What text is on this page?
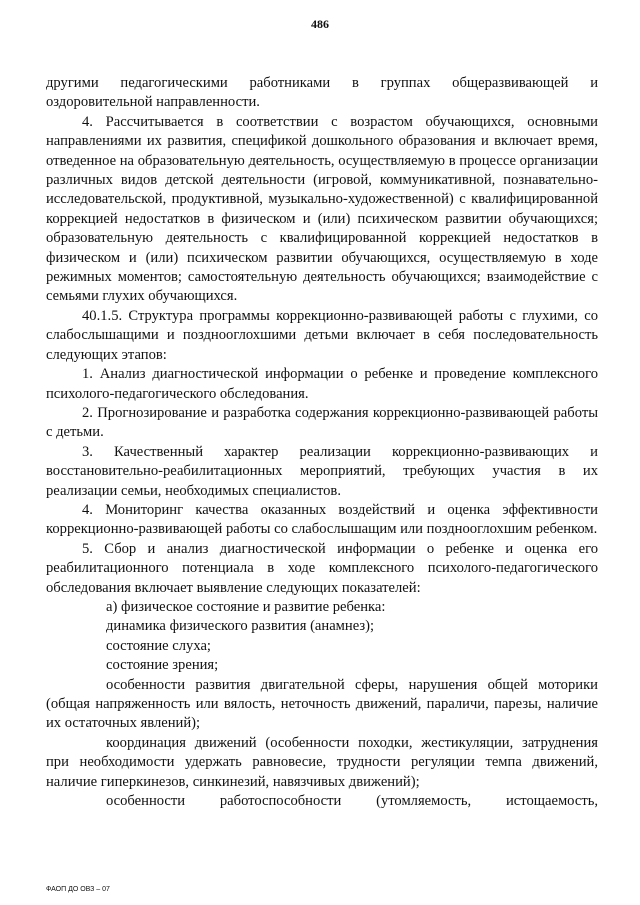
486

другими педагогическими работниками в группах общеразвивающей и оздоровительной направленности.

4. Рассчитывается в соответствии с возрастом обучающихся, основными направлениями их развития, спецификой дошкольного образования и включает время, отведенное на образовательную деятельность, осуществляемую в процессе организации различных видов детской деятельности (игровой, коммуникативной, познавательно-исследовательской, продуктивной, музыкально-художественной) с квалифицированной коррекцией недостатков в физическом и (или) психическом развитии обучающихся; образовательную деятельность с квалифицированной коррекцией недостатков в физическом и (или) психическом развитии обучающихся, осуществляемую в ходе режимных моментов; самостоятельную деятельность обучающихся; взаимодействие с семьями глухих обучающихся.

40.1.5. Структура программы коррекционно-развивающей работы с глухими, со слабослышащими и позднооглохшими детьми включает в себя последовательность следующих этапов:

1. Анализ диагностической информации о ребенке и проведение комплексного психолого-педагогического обследования.

2. Прогнозирование и разработка содержания коррекционно-развивающей работы с детьми.

3. Качественный характер реализации коррекционно-развивающих и восстановительно-реабилитационных мероприятий, требующих участия в их реализации семьи, необходимых специалистов.

4. Мониторинг качества оказанных воздействий и оценка эффективности коррекционно-развивающей работы со слабослышащим или позднооглохшим ребенком.

5. Сбор и анализ диагностической информации о ребенке и оценка его реабилитационного потенциала в ходе комплексного психолого-педагогического обследования включает выявление следующих показателей:

а) физическое состояние и развитие ребенка:

динамика физического развития (анамнез);

состояние слуха;

состояние зрения;

особенности развития двигательной сферы, нарушения общей моторики (общая напряженность или вялость, неточность движений, параличи, парезы, наличие их остаточных явлений);

координация движений (особенности походки, жестикуляции, затруднения при необходимости удержать равновесие, трудности регуляции темпа движений, наличие гиперкинезов, синкинезий, навязчивых движений);

особенности работоспособности (утомляемость, истощаемость,

ФАОП ДО ОВЗ – 07
